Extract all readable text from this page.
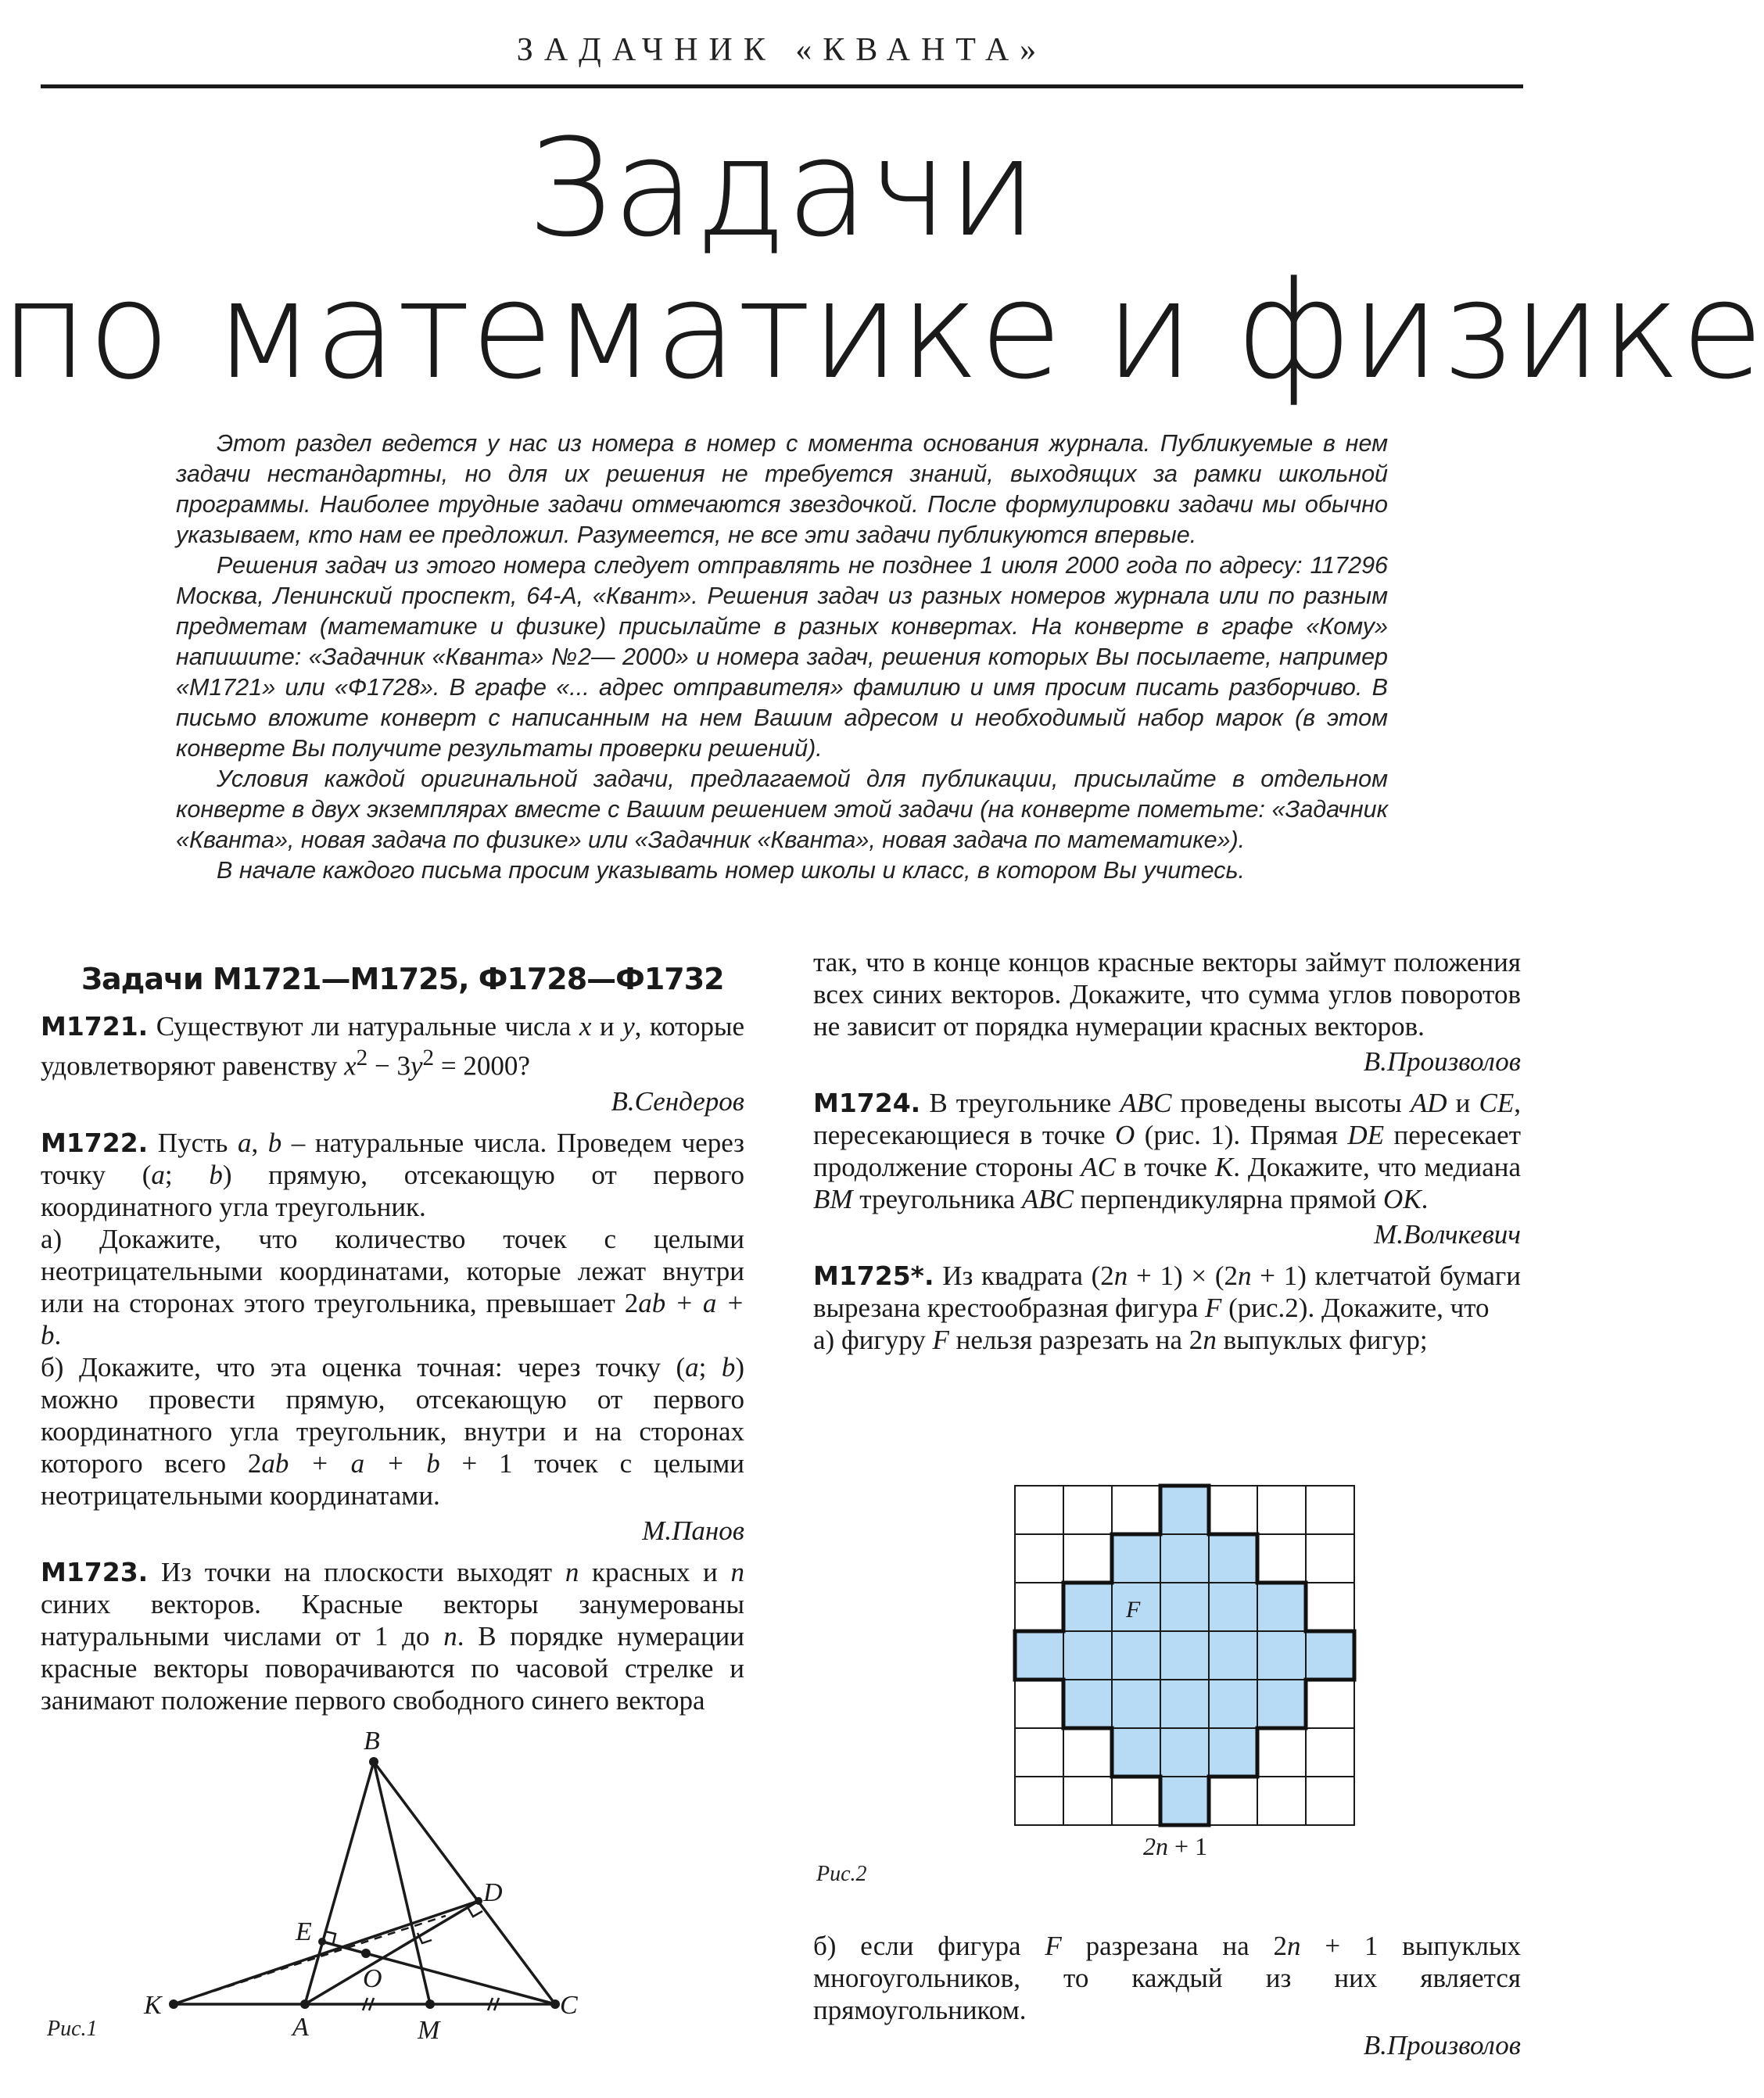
ЗАДАЧНИК «КВАНТА»
Задачи
по математике и физике

Этот раздел ведется у нас из номера в номер с момента основания журнала. Публикуемые в нем задачи нестандартны, но для их решения не требуется знаний, выходящих за рамки школьной программы. Наиболее трудные задачи отмечаются звездочкой. После формулировки задачи мы обычно указываем, кто нам ее предложил. Разумеется, не все эти задачи публикуются впервые.

Решения задач из этого номера следует отправлять не позднее 1 июля 2000 года по адресу: 117296 Москва, Ленинский проспект, 64-А, «Квант». Решения задач из разных номеров журнала или по разным предметам (математике и физике) присылайте в разных конвертах. На конверте в графе «Кому» напишите: «Задачник «Кванта» №2— 2000» и номера задач, решения которых Вы посылаете, например «М1721» или «Ф1728». В графе «... адрес отправителя» фамилию и имя просим писать разборчиво. В письмо вложите конверт с написанным на нем Вашим адресом и необходимый набор марок (в этом конверте Вы получите результаты проверки решений).

Условия каждой оригинальной задачи, предлагаемой для публикации, присылайте в отдельном конверте в двух экземплярах вместе с Вашим решением этой задачи (на конверте пометьте: «Задачник «Кванта», новая задача по физике» или «Задачник «Кванта», новая задача по математике»).

В начале каждого письма просим указывать номер школы и класс, в котором Вы учитесь.

Задачи М1721—М1725, Ф1728—Ф1732

М1721. Существуют ли натуральные числа x и y, которые удовлетворяют равенству $x^2 - 3y^2 = 2000$?

В.Сендеров

М1722. Пусть a, b – натуральные числа. Проведем через точку (a; b) прямую, отсекающую от первого координатного угла треугольник.

а) Докажите, что количество точек с целыми неотрицательными координатами, которые лежат внутри или на сторонах этого треугольника, превышает 2ab + a + b.

б) Докажите, что эта оценка точная: через точку (a; b) можно провести прямую, отсекающую от первого координатного угла треугольник, внутри и на сторонах которого всего 2ab + a + b + 1 точек с целыми неотрицательными координатами.

М.Панов

М1723. Из точки на плоскости выходят n красных и n синих векторов. Красные векторы занумерованы натуральными числами от 1 до n. В порядке нумерации красные векторы поворачиваются по часовой стрелке и занимают положение первого свободного синего вектора

B
D
E
O
K
A	M
C
Рис.1

так, что в конце концов красные векторы займут положения всех синих векторов. Докажите, что сумма углов поворотов не зависит от порядка нумерации красных векторов.

В.Произволов

М1724. В треугольнике ABC проведены высоты AD и CE, пересекающиеся в точке O (рис. 1). Прямая DE пересекает продолжение стороны AC в точке K. Докажите, что медиана BM треугольника ABC перпендикулярна прямой OK.

М.Волчкевич

М1725*. Из квадрата (2n + 1) × (2n + 1) клетчатой бумаги вырезана крестообразная фигура F (рис.2). Докажите, что

а) фигуру F нельзя разрезать на 2n выпуклых фигур;

F
2n + 1
Рис.2

б) если фигура F разрезана на 2n + 1 выпуклых многоугольников, то каждый из них является прямоугольником.

В.Произволов
